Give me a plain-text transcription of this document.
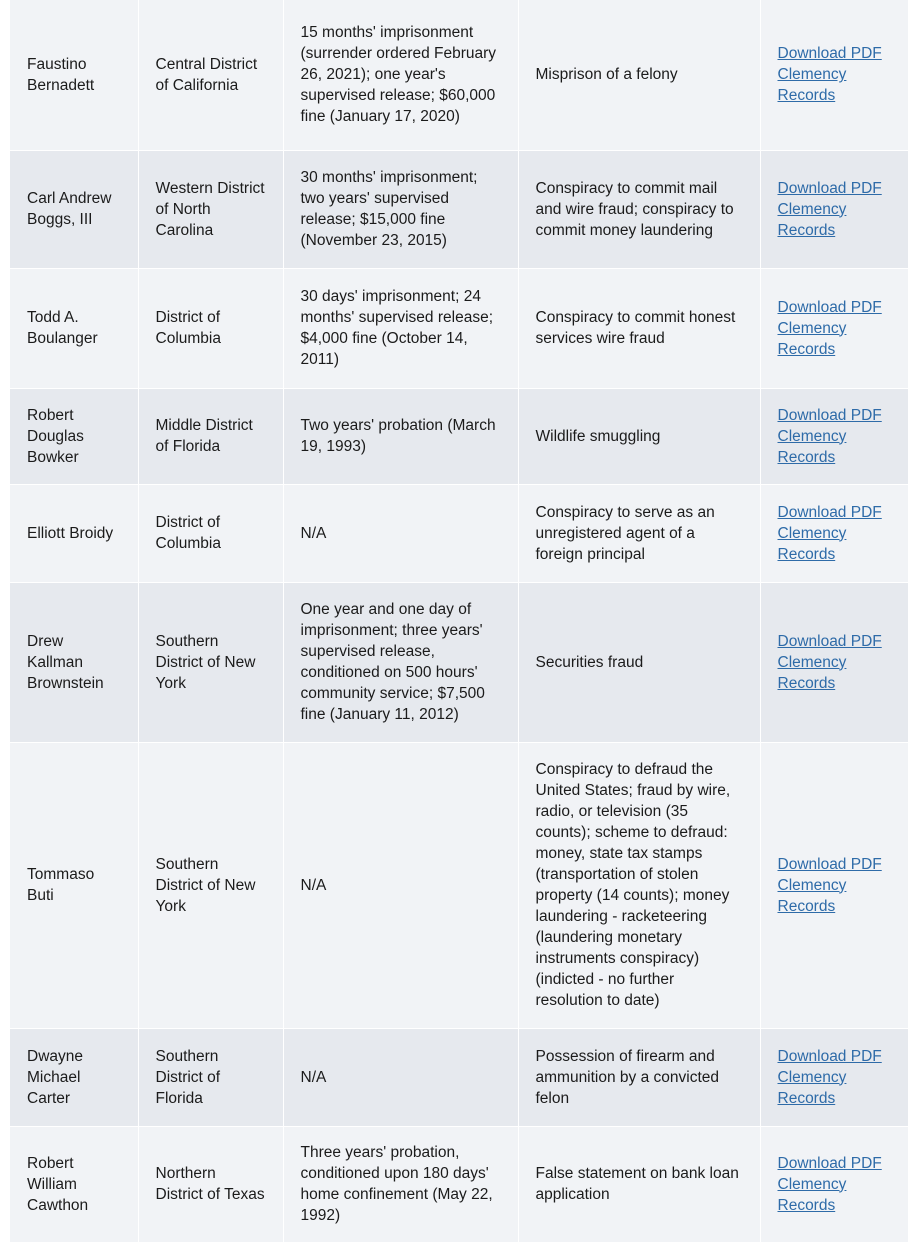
Faustino Bernadett	Central District of California	15 months' imprisonment (surrender ordered February 26, 2021); one year's supervised release; $60,000 fine (January 17, 2020)	Misprison of a felony	Download PDF Clemency Records
Carl Andrew Boggs, III	Western District of North Carolina	30 months' imprisonment; two years' supervised release; $15,000 fine (November 23, 2015)	Conspiracy to commit mail and wire fraud; conspiracy to commit money laundering	Download PDF Clemency Records
Todd A. Boulanger	District of Columbia	30 days' imprisonment; 24 months' supervised release; $4,000 fine (October 14, 2011)	Conspiracy to commit honest services wire fraud	Download PDF Clemency Records
Robert Douglas Bowker	Middle District of Florida	Two years' probation (March 19, 1993)	Wildlife smuggling	Download PDF Clemency Records
Elliott Broidy	District of Columbia	N/A	Conspiracy to serve as an unregistered agent of a foreign principal	Download PDF Clemency Records
Drew Kallman Brownstein	Southern District of New York	One year and one day of imprisonment; three years' supervised release, conditioned on 500 hours' community service; $7,500 fine (January 11, 2012)	Securities fraud	Download PDF Clemency Records
Tommaso Buti	Southern District of New York	N/A	Conspiracy to defraud the United States; fraud by wire, radio, or television (35 counts); scheme to defraud: money, state tax stamps (transportation of stolen property (14 counts); money laundering - racketeering (laundering monetary instruments conspiracy) (indicted - no further resolution to date)	Download PDF Clemency Records
Dwayne Michael Carter	Southern District of Florida	N/A	Possession of firearm and ammunition by a convicted felon	Download PDF Clemency Records
Robert William Cawthon	Northern District of Texas	Three years' probation, conditioned upon 180 days' home confinement (May 22, 1992)	False statement on bank loan application	Download PDF Clemency Records
